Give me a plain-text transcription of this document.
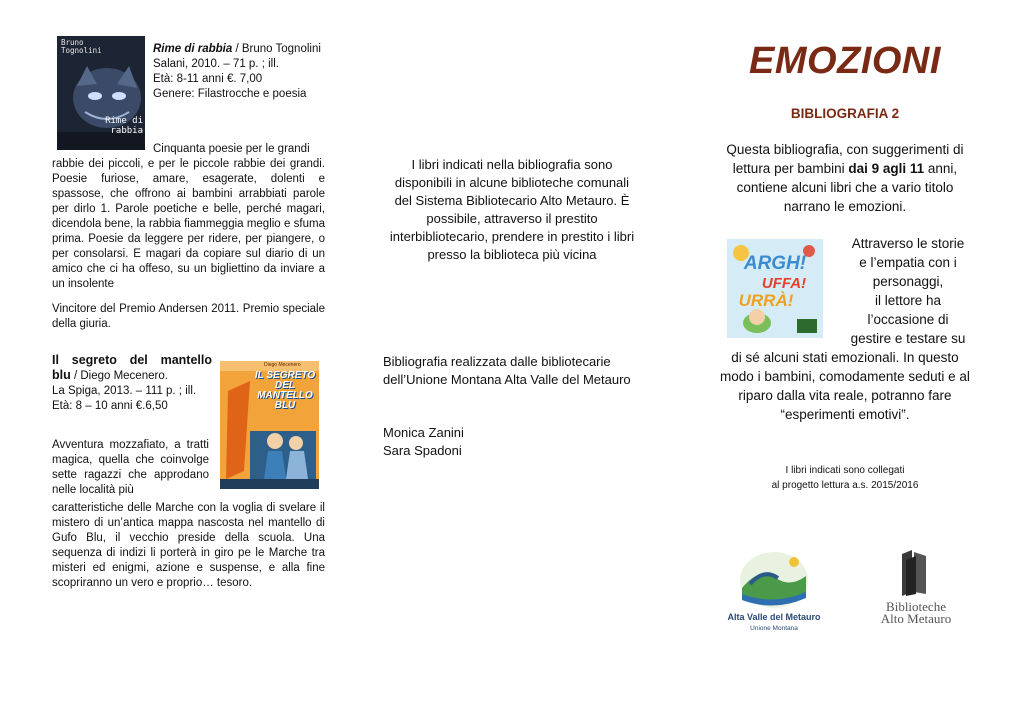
Bruno Tognolini
Rime di rabbia
Rime di rabbia / Bruno Tognolini
Salani, 2010. – 71 p. ; ill.
Età: 8-11 anni €. 7,00
Genere: Filastrocche e poesia
Cinquanta poesie per le grandi
rabbie dei piccoli, e per le piccole rabbie dei grandi. Poesie furiose, amare, esagerate, dolenti e spassose, che offrono ai bambini arrabbiati parole per dirlo 1. Parole poetiche e belle, perché magari, dicendola bene, la rabbia fiammeggia meglio e sfuma prima. Poesie da leggere per ridere, per piangere, o per consolarsi. E magari da copiare sul diario di un amico che ci ha offeso, su un bigliettino da inviare a un insolente
Vincitore del Premio Andersen 2011. Premio speciale della giuria.
Il segreto del mantello
blu / Diego Mecenero.
La Spiga, 2013. – 111 p. ; ill.
Età: 8 – 10 anni €.6,50
Diego Mecenero
IL SEGRETO DEL MANTELLO BLU
Avventura mozzafiato, a tratti magica, quella che coinvolge sette ragazzi che approdano nelle località più
caratteristiche delle Marche con la voglia di svelare il mistero di un’antica mappa nascosta nel mantello di Gufo Blu, il vecchio preside della scuola. Una sequenza di indizi li porterà in giro pe le Marche tra misteri ed enigmi, azione e suspense, e alla fine scopriranno un vero e proprio… tesoro.
I libri indicati nella bibliografia sono disponibili in alcune biblioteche comunali del Sistema Bibliotecario Alto Metauro. È possibile, attraverso il prestito interbibliotecario, prendere in prestito i libri presso la biblioteca più vicina
Bibliografia realizzata dalle bibliotecarie dell’Unione Montana Alta Valle del Metauro
Monica Zanini
Sara Spadoni
EMOZIONI
BIBLIOGRAFIA 2
Questa bibliografia, con suggerimenti di lettura per bambini dai 9 agli 11 anni, contiene alcuni libri che a vario titolo narrano le emozioni.
ARGH!
UFFA!
URRÀ!
Attraverso le storie
e l’empatia con i
personaggi,
il lettore ha
l’occasione di
gestire e testare su
di sé alcuni stati emozionali. In questo modo i bambini, comodamente seduti e al riparo dalla vita reale, potranno fare “esperimenti emotivi”.
I libri indicati sono collegati
al progetto lettura a.s. 2015/2016
Alta Valle del Metauro
Unione Montana
Biblioteche
Alto Metauro
